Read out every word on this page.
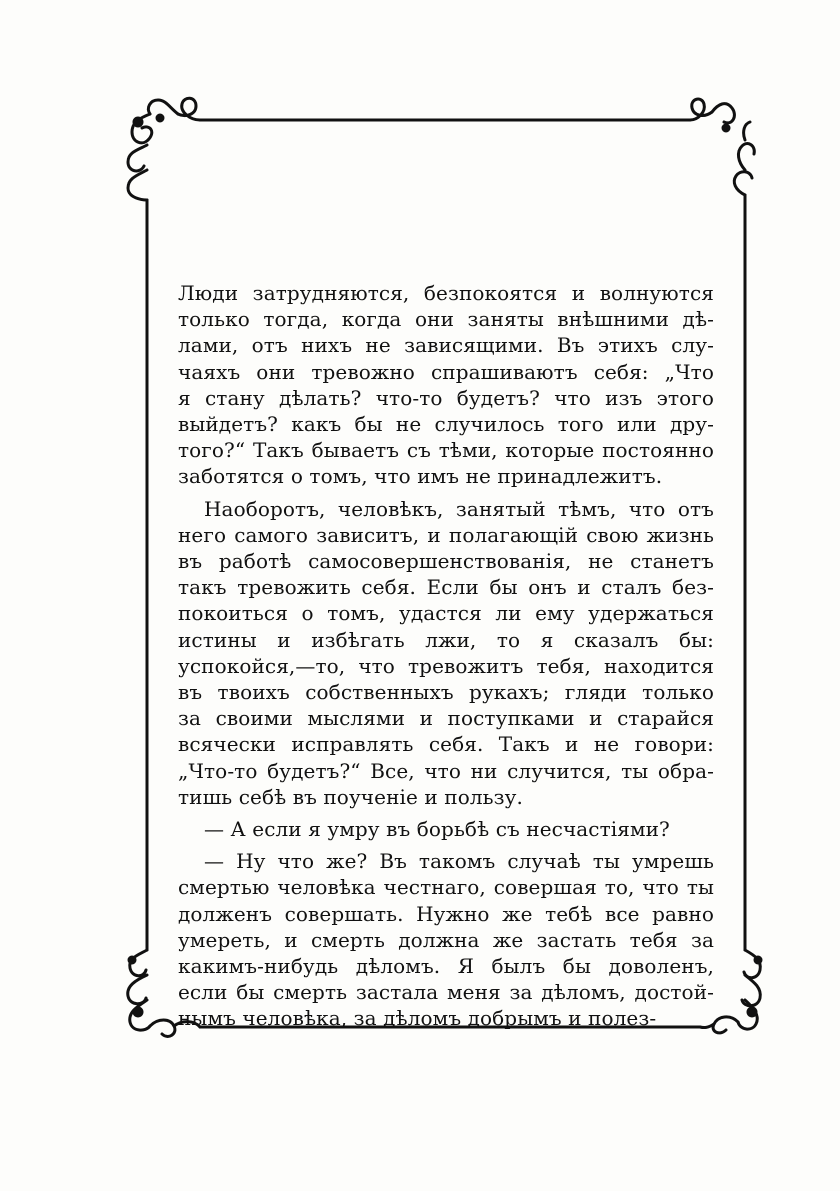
Люди затрудняются, безпокоятся и волнуются
только тогда, когда они заняты внѣшними дѣ-
лами, отъ нихъ не зависящими. Въ этихъ слу-
чаяхъ они тревожно спрашиваютъ себя: „Что
я стану дѣлать? что-то будетъ? что изъ этого
выйдетъ? какъ бы не случилось того или дру-
того?“ Такъ бываетъ съ тѣми, которые постоянно
заботятся о томъ, что имъ не принадлежитъ.
Наоборотъ, человѣкъ, занятый тѣмъ, что отъ
него самого зависитъ, и полагающій свою жизнь
въ работѣ самосовершенствованія, не станетъ
такъ тревожить себя. Если бы онъ и сталъ без-
покоиться о томъ, удастся ли ему удержаться
истины и избѣгать лжи, то я сказалъ бы:
успокойся,—то, что тревожитъ тебя, находится
въ твоихъ собственныхъ рукахъ; гляди только
за своими мыслями и поступками и старайся
всячески исправлять себя. Такъ и не говори:
„Что-то будетъ?“ Все, что ни случится, ты обра-
тишь себѣ въ поученіе и пользу.
— А если я умру въ борьбѣ съ несчастіями?
— Ну что же? Въ такомъ случаѣ ты умрешь
смертью человѣка честнаго, совершая то, что ты
долженъ совершать. Нужно же тебѣ все равно
умереть, и смерть должна же застать тебя за
какимъ-нибудь дѣломъ. Я былъ бы доволенъ,
если бы смерть застала меня за дѣломъ, достой-
нымъ человѣка, за дѣломъ добрымъ и полез-
